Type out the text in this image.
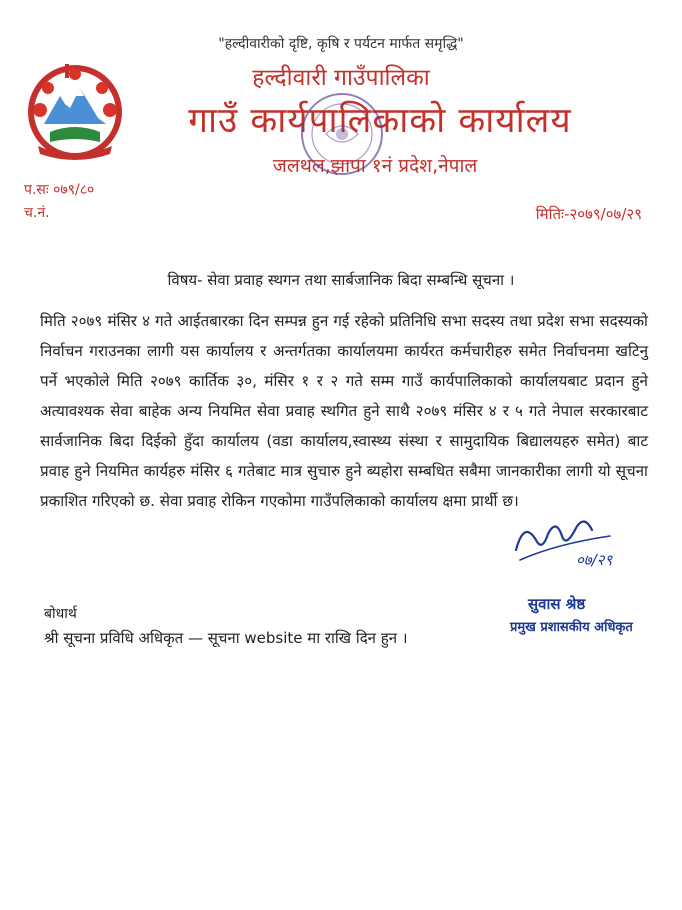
"हल्दीवारीको दृष्टि, कृषि र पर्यटन मार्फत समृद्धि"
हल्दीवारी गाउँपालिका
गाउँ कार्यपालिकाको कार्यालय
जलथल,झापा १नं प्रदेश,नेपाल
प.सः ०७९/८०
च.नं.	मितिः-२०७९/०७/२९
विषय- सेवा प्रवाह स्थगन तथा सार्बजानिक बिदा सम्बन्धि सूचना ।
मिति २०७९ मंसिर ४ गते आईतबारका दिन सम्पन्न हुन गई रहेको प्रतिनिधि सभा सदस्य तथा प्रदेश सभा सदस्यको निर्वाचन गराउनका लागी यस कार्यालय र अन्तर्गतका कार्यालयमा कार्यरत कर्मचारीहरु समेत निर्वाचनमा खटिनु पर्ने भएकोले मिति २०७९ कार्तिक ३०, मंसिर १ र २ गते सम्म गाउँ कार्यपालिकाको कार्यालयबाट प्रदान हुने अत्यावश्यक सेवा बाहेक अन्य नियमित सेवा प्रवाह स्थगित हुने साथै २०७९ मंसिर ४ र ५ गते नेपाल सरकारबाट सार्वजानिक बिदा दिईको हुँदा कार्यालय (वडा कार्यालय,स्वास्थ्य संस्था र सामुदायिक बिद्यालयहरु समेत) बाट प्रवाह हुने नियमित कार्यहरु मंसिर ६ गतेबाट मात्र सुचारु हुने ब्यहोरा सम्बधित सबैमा जानकारीका लागी यो सूचना प्रकाशित गरिएको छ. सेवा प्रवाह रोकिन गएकोमा गाउँपलिकाको कार्यालय क्षमा प्रार्थी छ।
०७/२९
सुवास श्रेष्ठ
प्रमुख प्रशासकीय अधिकृत
बोधार्थ
श्री सूचना प्रविधि अधिकृत — सूचना website मा राखि दिन हुन ।
